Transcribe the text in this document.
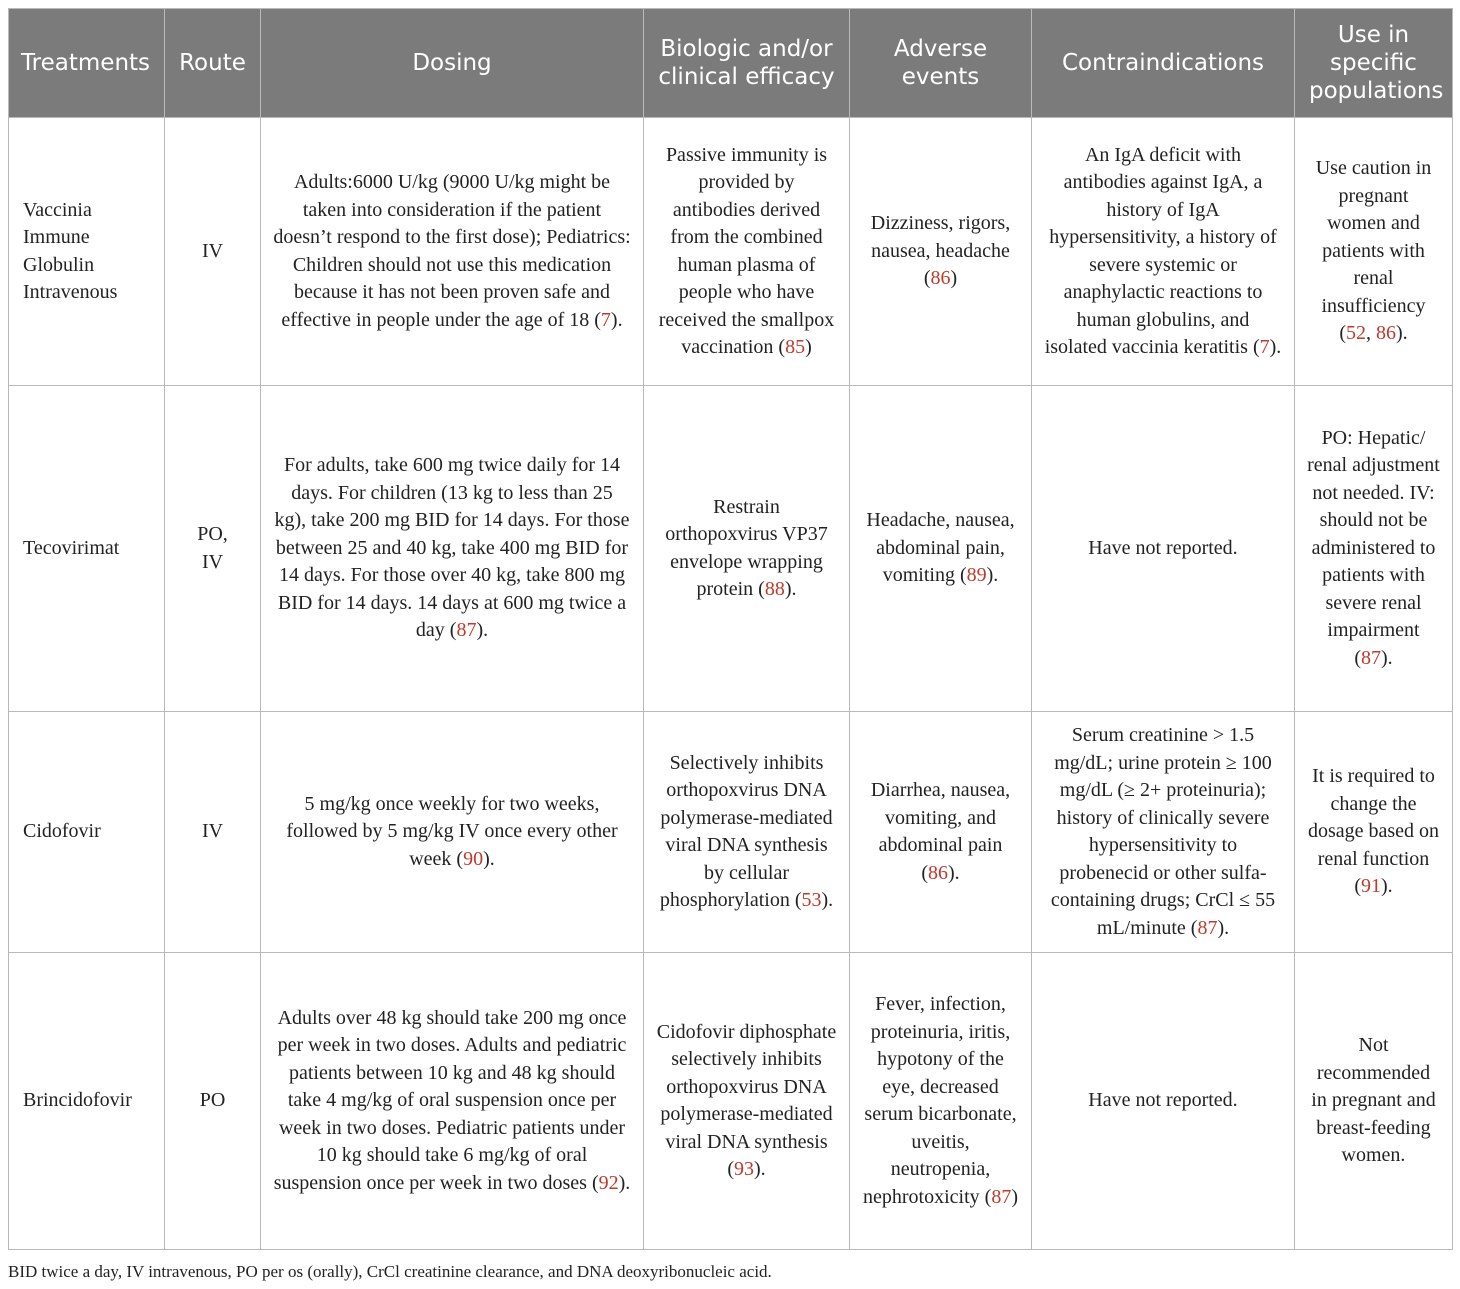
Treatments	Route	Dosing	Biologic and/or clinical efficacy	Adverse events	Contraindications	Use in specific populations
Vaccinia Immune Globulin Intravenous	IV	Adults:6000 U/kg (9000 U/kg might be taken into consideration if the patient doesn’t respond to the first dose); Pediatrics: Children should not use this medication because it has not been proven safe and effective in people under the age of 18 (7).	Passive immunity is provided by antibodies derived from the combined human plasma of people who have received the smallpox vaccination (85)	Dizziness, rigors, nausea, headache (86)	An IgA deficit with antibodies against IgA, a history of IgA hypersensitivity, a history of severe systemic or anaphylactic reactions to human globulins, and isolated vaccinia keratitis (7).	Use caution in pregnant women and patients with renal insufficiency (52, 86).
Tecovirimat	PO, IV	For adults, take 600 mg twice daily for 14 days. For children (13 kg to less than 25 kg), take 200 mg BID for 14 days. For those between 25 and 40 kg, take 400 mg BID for 14 days. For those over 40 kg, take 800 mg BID for 14 days. 14 days at 600 mg twice a day (87).	Restrain orthopoxvirus VP37 envelope wrapping protein (88).	Headache, nausea, abdominal pain, vomiting (89).	Have not reported.	PO: Hepatic/ renal adjustment not needed. IV: should not be administered to patients with severe renal impairment (87).
Cidofovir	IV	5 mg/kg once weekly for two weeks, followed by 5 mg/kg IV once every other week (90).	Selectively inhibits orthopoxvirus DNA polymerase-mediated viral DNA synthesis by cellular phosphorylation (53).	Diarrhea, nausea, vomiting, and abdominal pain (86).	Serum creatinine > 1.5 mg/dL; urine protein ≥ 100 mg/dL (≥ 2+ proteinuria); history of clinically severe hypersensitivity to probenecid or other sulfa-containing drugs; CrCl ≤ 55 mL/minute (87).	It is required to change the dosage based on renal function (91).
Brincidofovir	PO	Adults over 48 kg should take 200 mg once per week in two doses. Adults and pediatric patients between 10 kg and 48 kg should take 4 mg/kg of oral suspension once per week in two doses. Pediatric patients under 10 kg should take 6 mg/kg of oral suspension once per week in two doses (92).	Cidofovir diphosphate selectively inhibits orthopoxvirus DNA polymerase-mediated viral DNA synthesis (93).	Fever, infection, proteinuria, iritis, hypotony of the eye, decreased serum bicarbonate, uveitis, neutropenia, nephrotoxicity (87)	Have not reported.	Not recommended in pregnant and breast-feeding women.
BID twice a day, IV intravenous, PO per os (orally), CrCl creatinine clearance, and DNA deoxyribonucleic acid.
